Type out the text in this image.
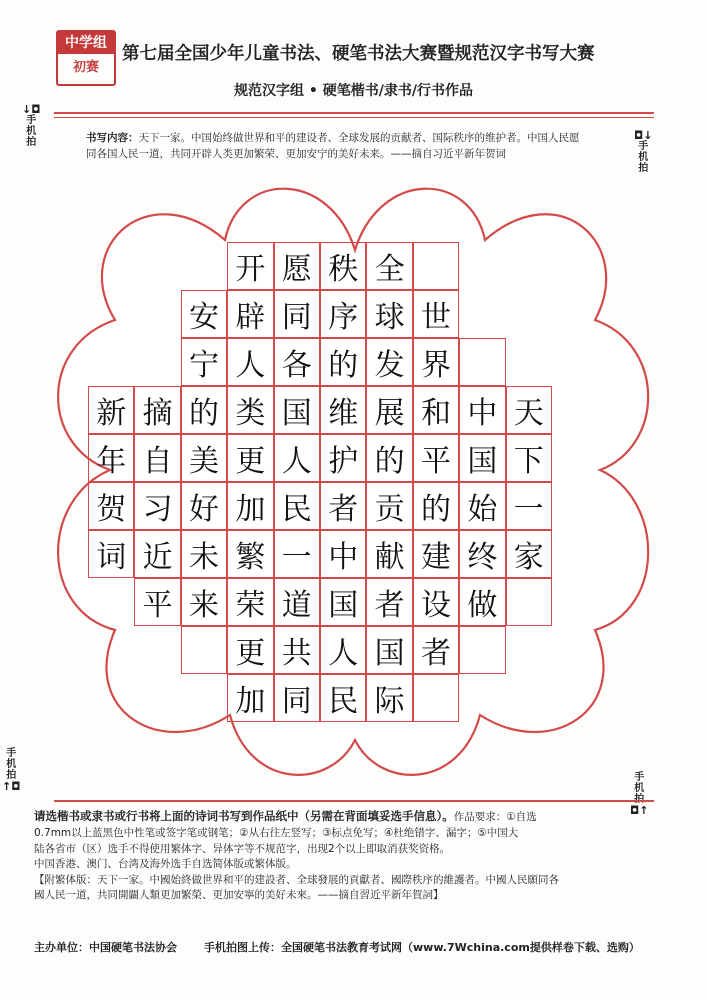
中学组
初赛
第七届全国少年儿童书法、硬笔书法大赛暨规范汉字书写大赛
规范汉字组 • 硬笔楷书/隶书/行书作品
↓◘
手机拍
◘↓
手机拍
手机拍
↑◘
手机拍
◘↑
书写内容：天下一家。中国始终做世界和平的建设者、全球发展的贡献者、国际秩序的维护者。中国人民愿
同各国人民一道，共同开辟人类更加繁荣、更加安宁的美好未来。——摘自习近平新年贺词
开 愿 秩 全
安 辟 同 序 球 世
宁 人 各 的 发 界
新 摘 的 类 国 维 展 和 中 天
年 自 美 更 人 护 的 平 国 下
贺 习 好 加 民 者 贡 的 始 一
词 近 未 繁 一 中 献 建 终 家
平 来 荣 道 国 者 设 做
更 共 人 国 者
加 同 民 际
请选楷书或隶书或行书将上面的诗词书写到作品纸中（另需在背面填妥选手信息）。作品要求：①自选
0.7mm以上蓝黑色中性笔或签字笔或钢笔；②从右往左竖写；③标点免写；④杜绝错字、漏字；⑤中国大
陆各省市（区）选手不得使用繁体字、异体字等不规范字，出现2个以上即取消获奖资格。
中国香港、澳门、台湾及海外选手自选简体版或繁体版。
【附繁体版：天下一家。中國始終做世界和平的建設者、全球發展的貢獻者、國際秩序的維護者。中國人民願同各
國人民一道，共同開闢人類更加繁榮、更加安寧的美好未來。——摘自習近平新年賀詞】
主办单位：中国硬笔书法协会 手机拍图上传：全国硬笔书法教育考试网（www.7Wchina.com提供样卷下载、选购）
